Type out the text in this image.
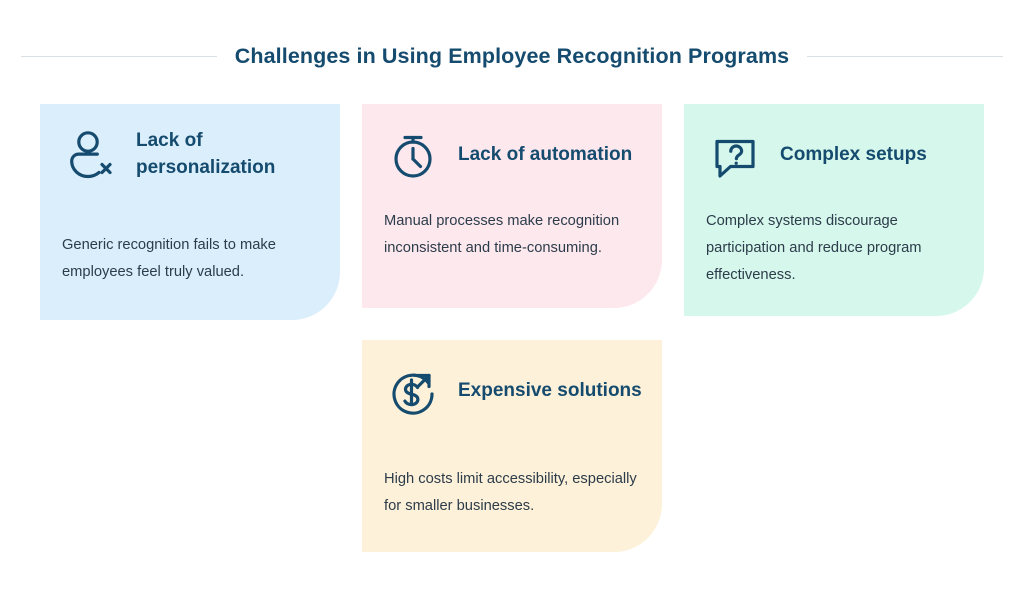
Challenges in Using Employee Recognition Programs
Lack of personalization
Generic recognition fails to make employees feel truly valued.
Lack of automation
Manual processes make recognition inconsistent and time-consuming.
Complex setups
Complex systems discourage participation and reduce program effectiveness.
Expensive solutions
High costs limit accessibility, especially for smaller businesses.
